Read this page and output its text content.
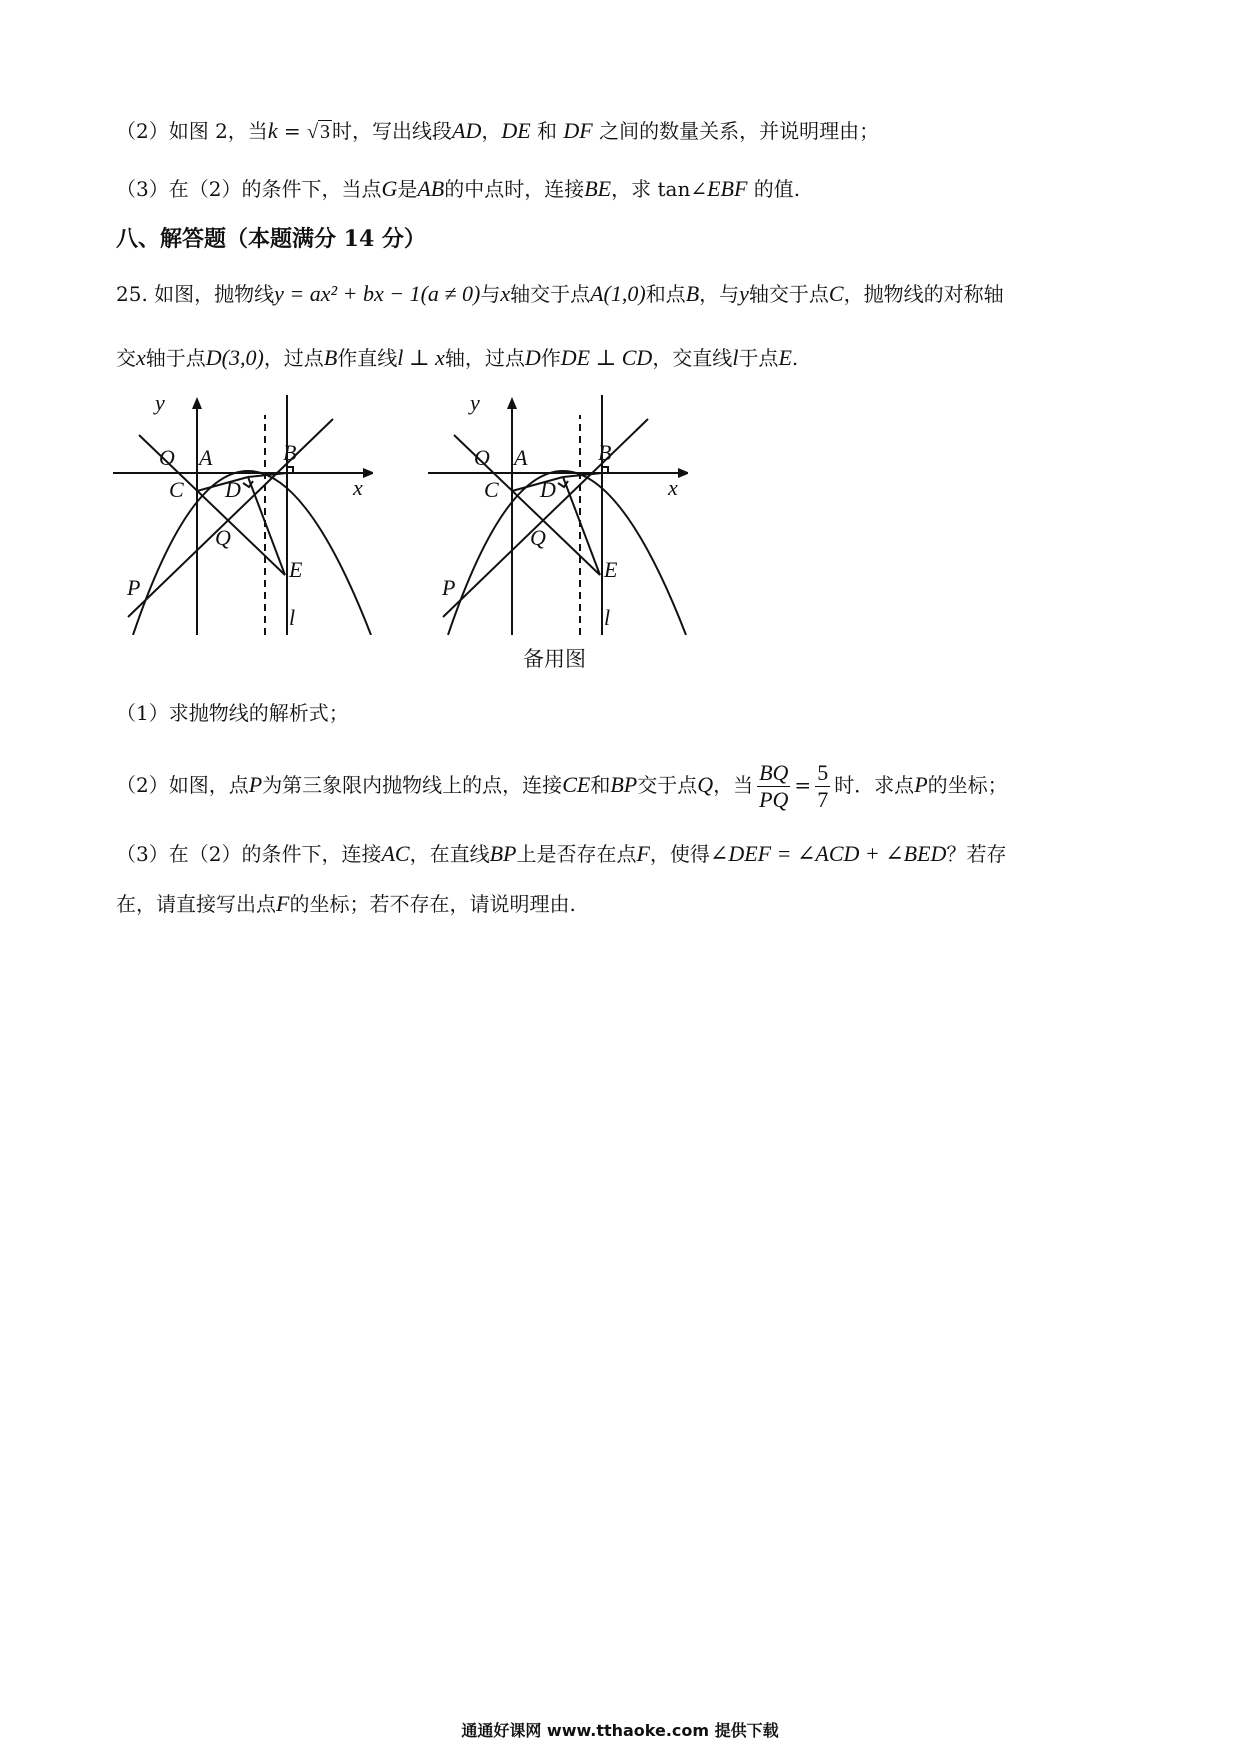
（2）如图 2，当k = √ 3 时，写出线段AD，DE 和 DF 之间的数量关系，并说明理由；
（3）在（2）的条件下，当点G是AB的中点时，连接BE，求 tan∠EBF 的值.
八、解答题（本题满分 14 分）
25. 如图，抛物线y = ax² + bx − 1(a ≠ 0)与x轴交于点A(1,0)和点B，与y轴交于点C，抛物线的对称轴
交x轴于点D(3,0)，过点B作直线l ⊥ x轴，过点D作DE ⊥ CD，交直线l于点E.
y
x
O A	B
C D
Q
E
P
l
y
x
O A	B
C D
Q
E
P
l
备用图
（1）求抛物线的解析式；
（2）如图，点P为第三象限内抛物线上的点，连接CE和BP交于点Q，当 $\frac{BQ}{PQ} = \frac{5}{7}$ 时．求点P的坐标；
（3）在（2）的条件下，连接AC，在直线BP上是否存在点F，使得∠DEF = ∠ACD + ∠BED？若存
在，请直接写出点F的坐标；若不存在，请说明理由.
通通好课网 www.tthaoke.com 提供下载
